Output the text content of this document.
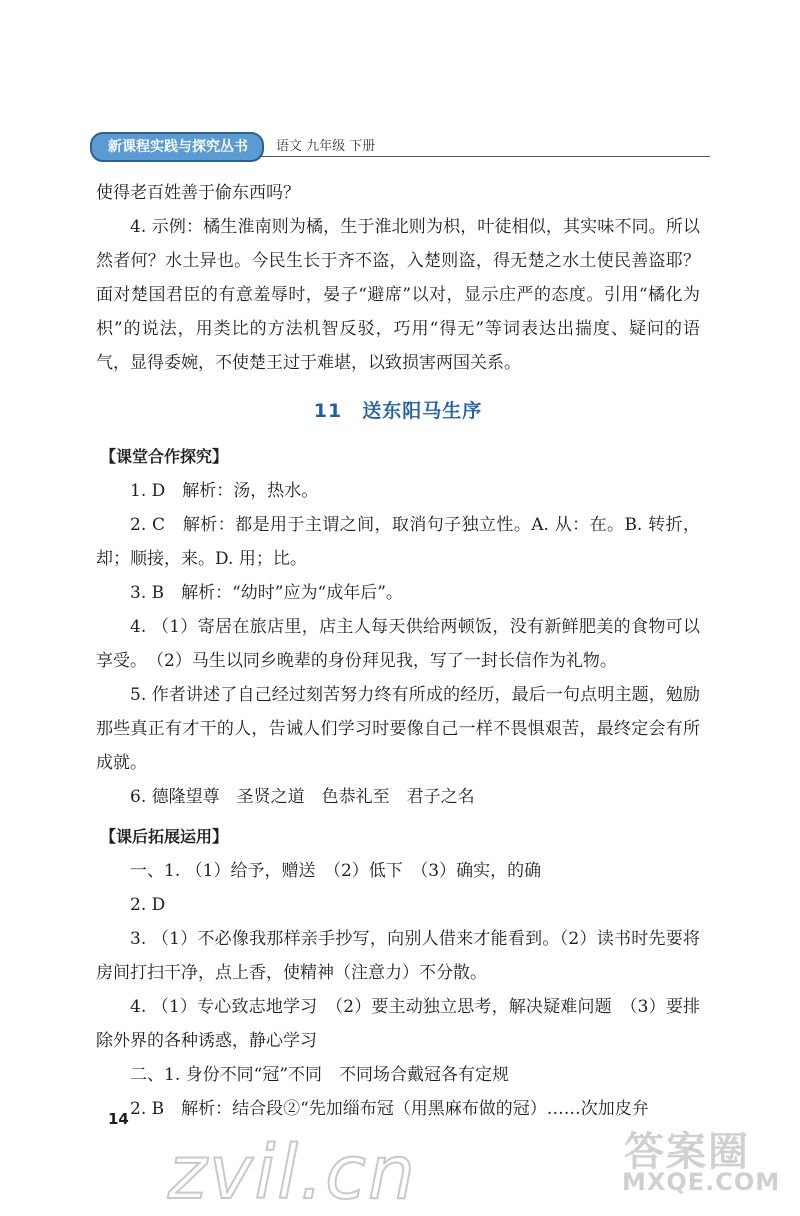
新课程实践与探究丛书	语文 九年级 下册

使得老百姓善于偷东西吗？

4. 示例：橘生淮南则为橘，生于淮北则为枳，叶徒相似，其实味不同。所以然者何？水土异也。今民生长于齐不盗，入楚则盗，得无楚之水土使民善盗耶？　面对楚国君臣的有意羞辱时，晏子“避席”以对，显示庄严的态度。引用“橘化为枳”的说法，用类比的方法机智反驳，巧用“得无”等词表达出揣度、疑问的语气，显得委婉，不使楚王过于难堪，以致损害两国关系。

11　送东阳马生序
【课堂合作探究】

1. D　解析：汤，热水。

2. C　解析：都是用于主谓之间，取消句子独立性。A. 从：在。B. 转折，却；顺接，来。D. 用；比。

3. B　解析：“幼时”应为“成年后”。

4. （1）寄居在旅店里，店主人每天供给两顿饭，没有新鲜肥美的食物可以享受。　（2）马生以同乡晚辈的身份拜见我，写了一封长信作为礼物。

5. 作者讲述了自己经过刻苦努力终有所成的经历，最后一句点明主题，勉励那些真正有才干的人，告诫人们学习时要像自己一样不畏惧艰苦，最终定会有所成就。

6. 德隆望尊　圣贤之道　色恭礼至　君子之名

【课后拓展运用】

一、1. （1）给予，赠送　（2）低下　（3）确实，的确

2. D

3. （1）不必像我那样亲手抄写，向别人借来才能看到。（2）读书时先要将房间打扫干净，点上香，使精神（注意力）不分散。

4. （1）专心致志地学习　（2）要主动独立思考，解决疑难问题　（3）要排除外界的各种诱惑，静心学习

二、1. 身份不同“冠”不同　不同场合戴冠各有定规

2. B　解析：结合段②“先加缁布冠（用黑麻布做的冠）……次加皮弁

14
zvil.cn	答案圈
MXQE.COM
